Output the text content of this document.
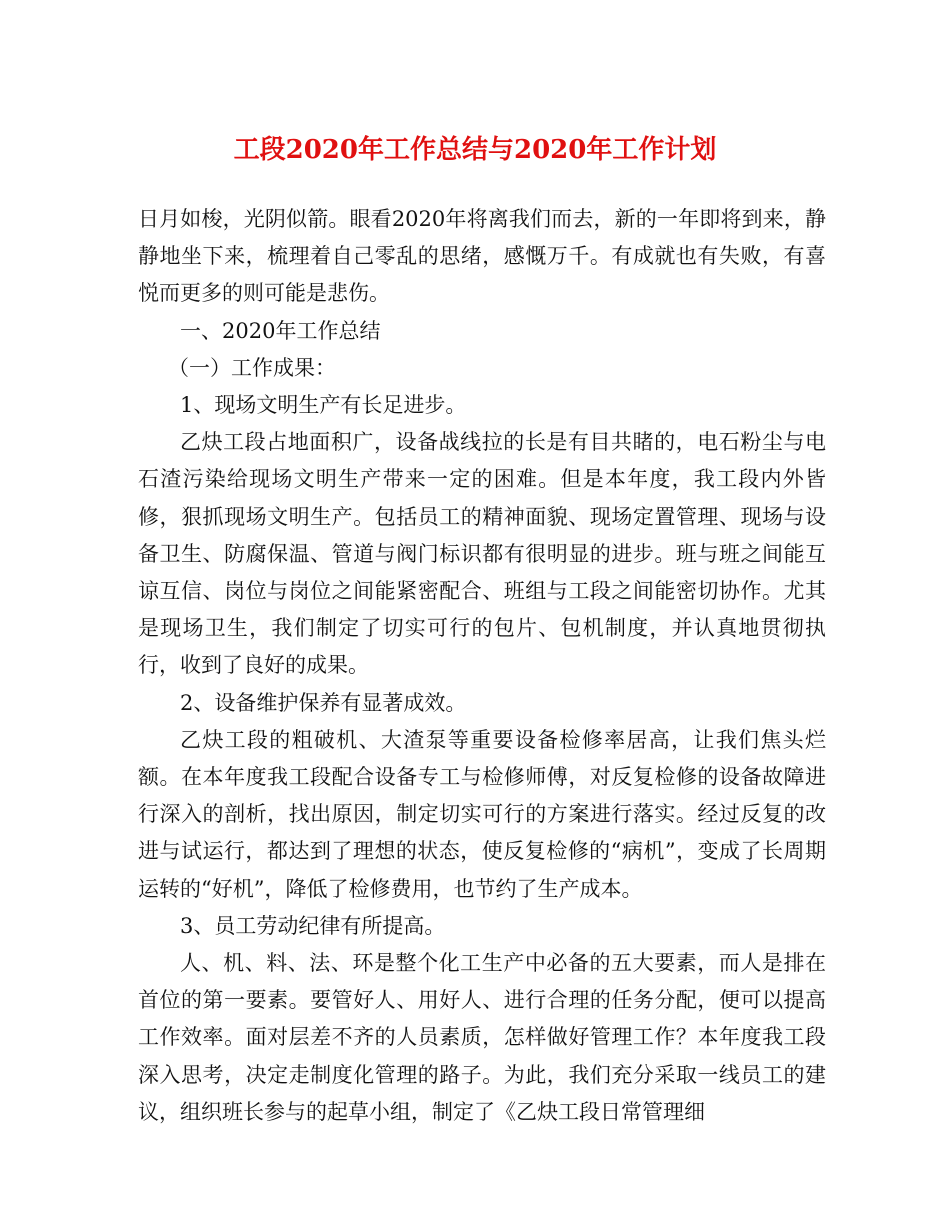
工段2020年工作总结与2020年工作计划

日月如梭，光阴似箭。眼看2020年将离我们而去，新的一年即将到来，静静地坐下来，梳理着自己零乱的思绪，感慨万千。有成就也有失败，有喜悦而更多的则可能是悲伤。

一、2020年工作总结

（一）工作成果：

1、现场文明生产有长足进步。

乙炔工段占地面积广，设备战线拉的长是有目共睹的，电石粉尘与电石渣污染给现场文明生产带来一定的困难。但是本年度，我工段内外皆修，狠抓现场文明生产。包括员工的精神面貌、现场定置管理、现场与设备卫生、防腐保温、管道与阀门标识都有很明显的进步。班与班之间能互谅互信、岗位与岗位之间能紧密配合、班组与工段之间能密切协作。尤其是现场卫生，我们制定了切实可行的包片、包机制度，并认真地贯彻执行，收到了良好的成果。

2、设备维护保养有显著成效。

乙炔工段的粗破机、大渣泵等重要设备检修率居高，让我们焦头烂额。在本年度我工段配合设备专工与检修师傅，对反复检修的设备故障进行深入的剖析，找出原因，制定切实可行的方案进行落实。经过反复的改进与试运行，都达到了理想的状态，使反复检修的“病机”，变成了长周期运转的“好机”，降低了检修费用，也节约了生产成本。

3、员工劳动纪律有所提高。

人、机、料、法、环是整个化工生产中必备的五大要素，而人是排在首位的第一要素。要管好人、用好人、进行合理的任务分配，便可以提高工作效率。面对层差不齐的人员素质，怎样做好管理工作？本年度我工段深入思考，决定走制度化管理的路子。为此，我们充分采取一线员工的建议，组织班长参与的起草小组，制定了《乙炔工段日常管理细
